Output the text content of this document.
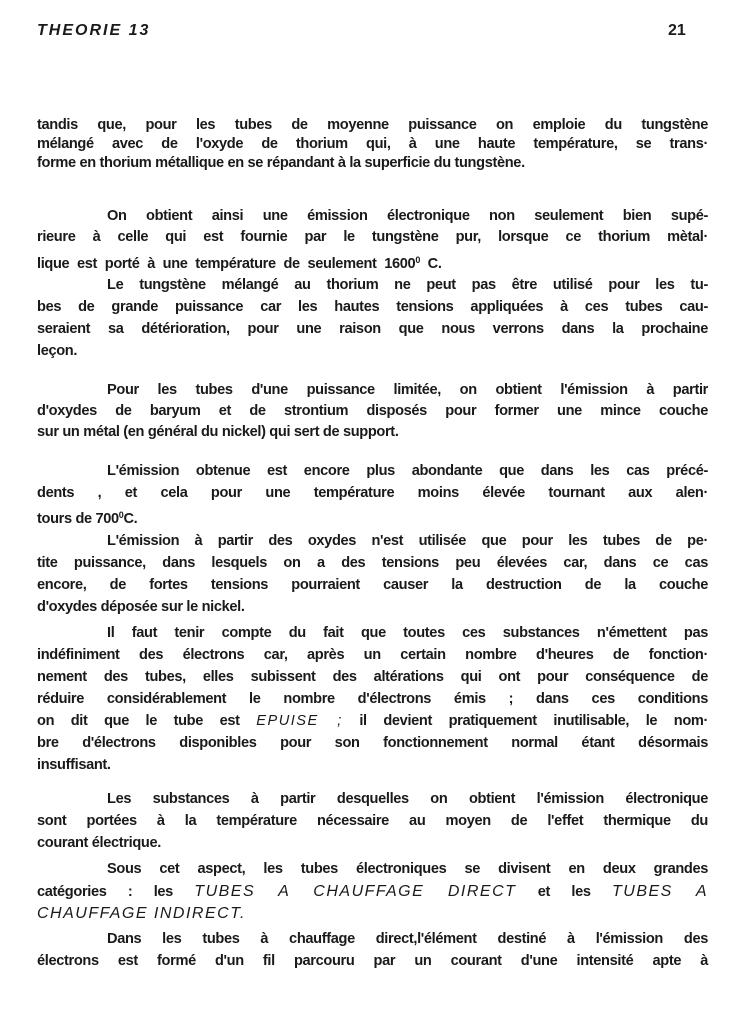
THEORIE 13	21
tandis que, pour les tubes de moyenne puissance on emploie du tungstène
mélangé avec de l'oxyde de thorium qui, à une haute température, se trans·
forme en thorium métallique en se répandant à la superficie du tungstène.
On obtient ainsi une émission électronique non seulement bien supé-
rieure à celle qui est fournie par le tungstène pur, lorsque ce thorium mètal·
lique est porté à une température de seulement 1600$^0$ C.
Le tungstène mélangé au thorium ne peut pas être utilisé pour les tu-
bes de grande puissance car les hautes tensions appliquées à ces tubes cau-
seraient sa détérioration, pour une raison que nous verrons dans la prochaine
leçon.
Pour les tubes d'une puissance limitée, on obtient l'émission à partir
d'oxydes de baryum et de strontium disposés pour former une mince couche
sur un métal (en général du nickel) qui sert de support.
L'émission obtenue est encore plus abondante que dans les cas précé-
dents , et cela pour une température moins élevée tournant aux alen·
tours de $700^0C$.
L'émission à partir des oxydes n'est utilisée que pour les tubes de pe·
tite puissance, dans lesquels on a des tensions peu élevées car, dans ce cas
encore, de fortes tensions pourraient causer la destruction de la couche
d'oxydes déposée sur le nickel.
Il faut tenir compte du fait que toutes ces substances n'émettent pas
indéfiniment des électrons car, après un certain nombre d'heures de fonction·
nement des tubes, elles subissent des altérations qui ont pour conséquence de
réduire considérablement le nombre d'électrons émis ; dans ces conditions
on dit que le tube est EPUISE ; il devient pratiquement inutilisable, le nom·
bre d'électrons disponibles pour son fonctionnement normal étant désormais
insuffisant.
Les substances à partir desquelles on obtient l'émission électronique
sont portées à la température nécessaire au moyen de l'effet thermique du
courant électrique.
Sous cet aspect, les tubes électroniques se divisent en deux grandes
catégories : les TUBES A CHAUFFAGE DIRECT et les TUBES A
CHAUFFAGE INDIRECT.
Dans les tubes à chauffage direct,l'élément destiné à l'émission des
électrons est formé d'un fil parcouru par un courant d'une intensité apte à
